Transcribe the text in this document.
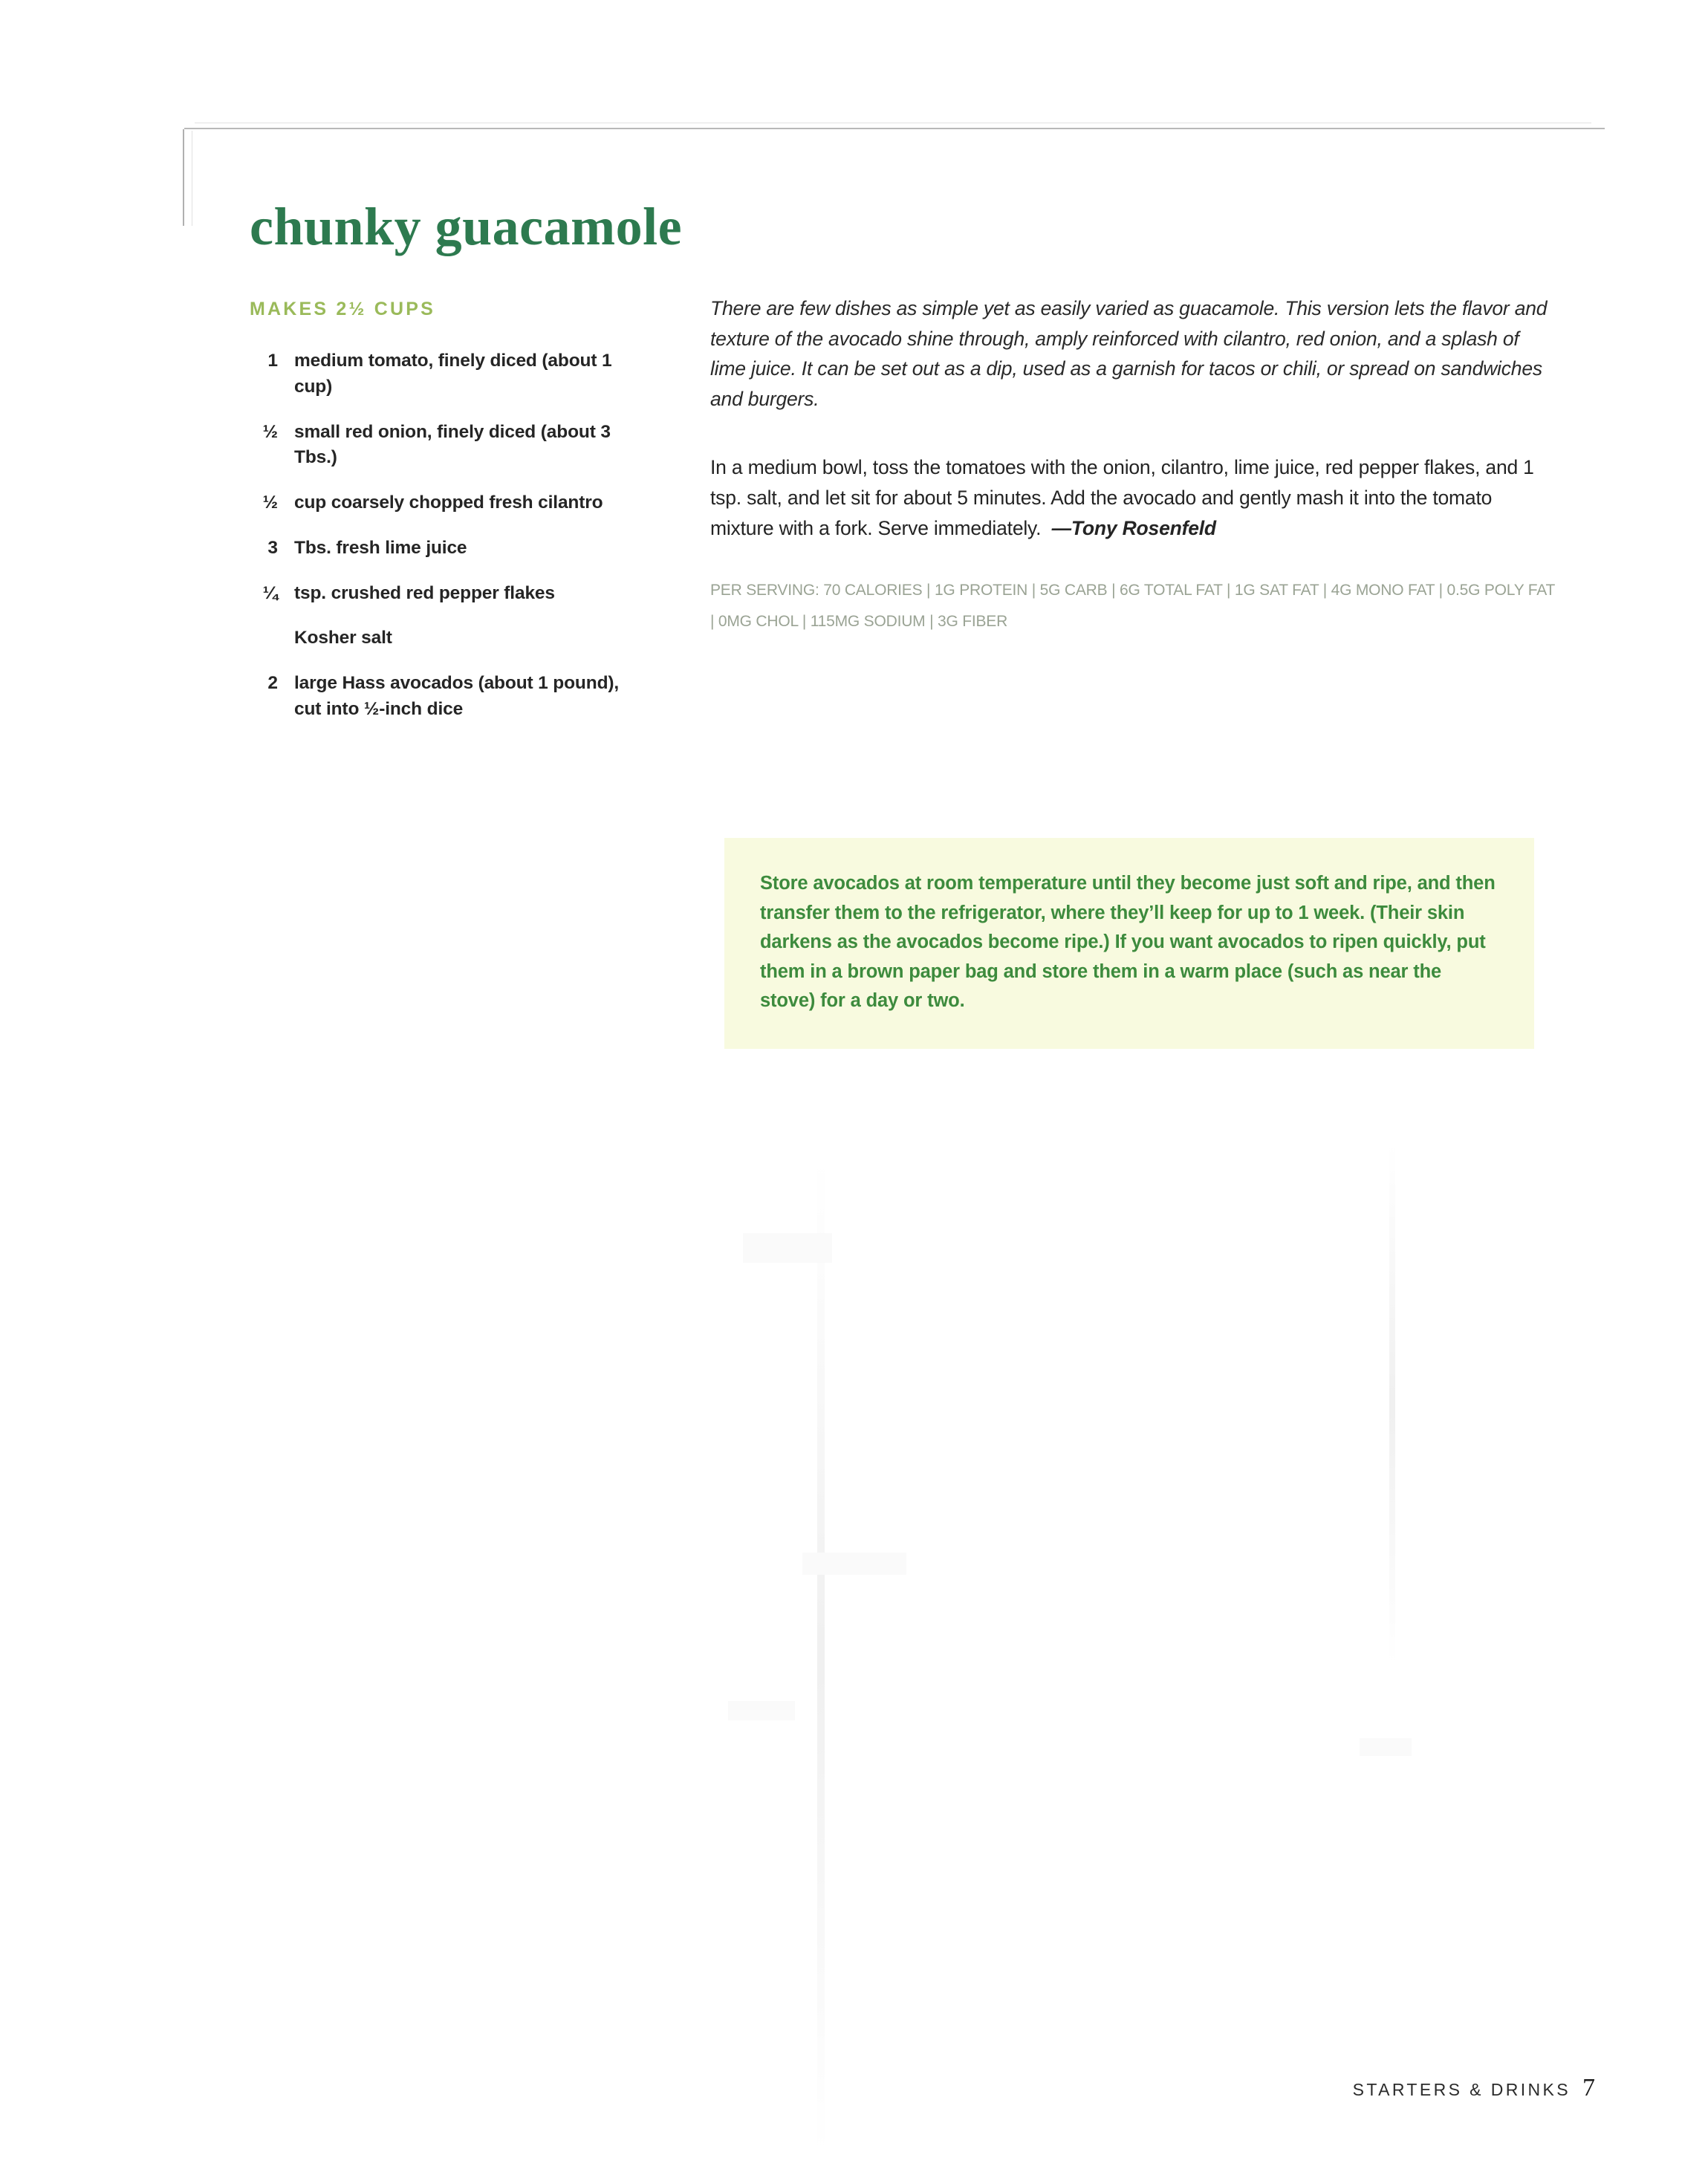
chunky guacamole
MAKES 2½ CUPS
1 medium tomato, finely diced (about 1 cup)
½ small red onion, finely diced (about 3 Tbs.)
½ cup coarsely chopped fresh cilantro
3 Tbs. fresh lime juice
¼ tsp. crushed red pepper flakes
Kosher salt
2 large Hass avocados (about 1 pound), cut into ½-inch dice

There are few dishes as simple yet as easily varied as guacamole. This version lets the flavor and texture of the avocado shine through, amply reinforced with cilantro, red onion, and a splash of lime juice. It can be set out as a dip, used as a garnish for tacos or chili, or spread on sandwiches and burgers.

In a medium bowl, toss the tomatoes with the onion, cilantro, lime juice, red pepper flakes, and 1 tsp. salt, and let sit for about 5 minutes. Add the avocado and gently mash it into the tomato mixture with a fork. Serve immediately.  —Tony Rosenfeld

PER SERVING: 70 CALORIES | 1G PROTEIN | 5G CARB | 6G TOTAL FAT | 1G SAT FAT | 4G MONO FAT | 0.5G POLY FAT | 0MG CHOL | 115MG SODIUM | 3G FIBER

Store avocados at room temperature until they become just soft and ripe, and then transfer them to the refrigerator, where they’ll keep for up to 1 week. (Their skin darkens as the avocados become ripe.) If you want avocados to ripen quickly, put them in a brown paper bag and store them in a warm place (such as near the stove) for a day or two.

STARTERS & DRINKS 7
